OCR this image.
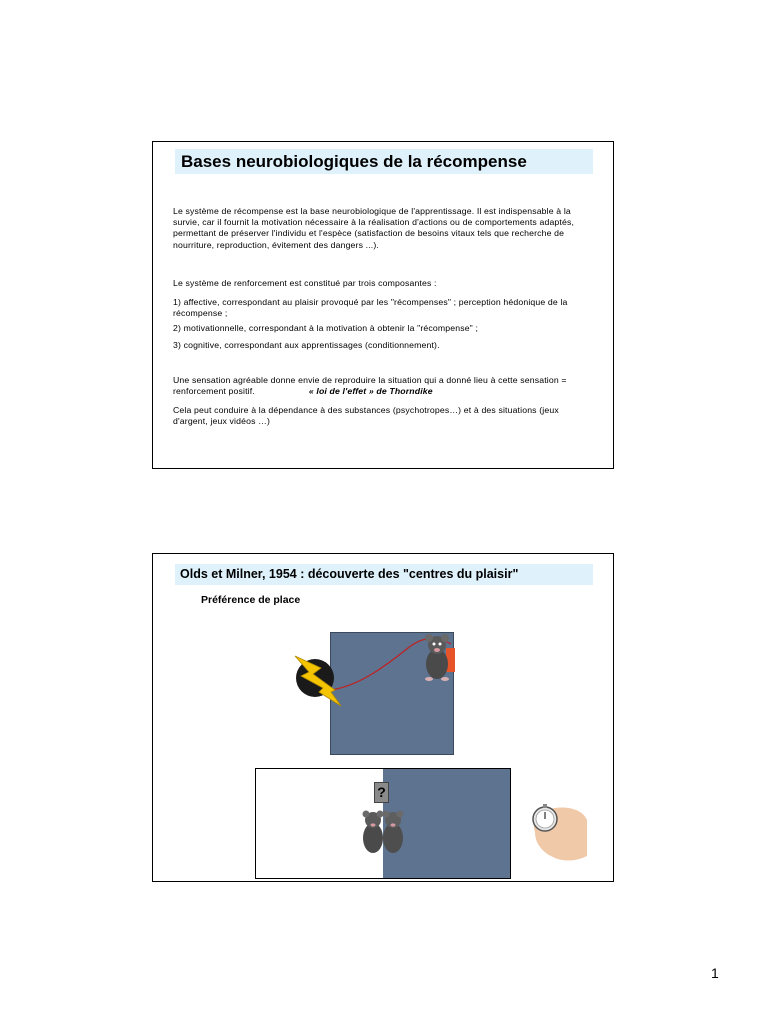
Bases neurobiologiques de la récompense

Le système de récompense est la base neurobiologique de l'apprentissage. Il est indispensable à la survie, car il fournit la motivation nécessaire à la réalisation d'actions ou de comportements adaptés, permettant de préserver l'individu et l'espèce (satisfaction de besoins vitaux tels que recherche de nourriture, reproduction, évitement des dangers ...).

Le système de renforcement est constitué par trois composantes :

1) affective, correspondant au plaisir provoqué par les "récompenses" ; perception hédonique de la récompense ;

2) motivationnelle, correspondant à la motivation à obtenir la "récompense" ;

3) cognitive, correspondant aux apprentissages (conditionnement).

Une sensation agréable donne envie de reproduire la situation qui a donné lieu à cette sensation = renforcement positif.	« loi de l'effet » de Thorndike

Cela peut conduire à la dépendance à des substances (psychotropes…) et à des situations (jeux d'argent, jeux vidéos …)

Olds et Milner, 1954 : découverte des "centres du plaisir"
Préférence de place
?
1
